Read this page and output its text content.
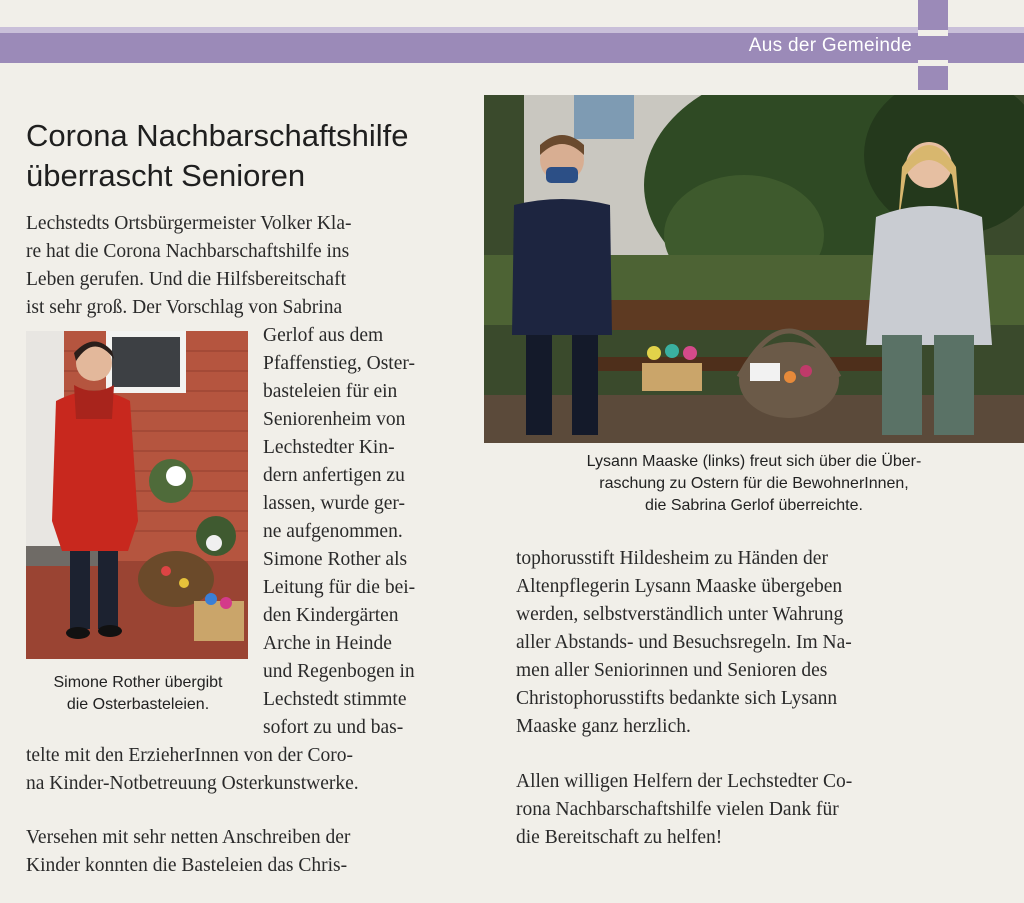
Aus der Gemeinde
Corona Nachbarschaftshilfe überrascht Senioren
Lechstedts Ortsbürgermeister Volker Kla-
re hat die Corona Nachbarschaftshilfe ins
Leben gerufen. Und die Hilfsbereitschaft
ist sehr groß. Der Vorschlag von Sabrina
Gerlof aus dem
Pfaffenstieg, Oster-
basteleien für ein
Seniorenheim von
Lechstedter Kin-
dern anfertigen zu
lassen, wurde ger-
ne aufgenommen.
Simone Rother als
Leitung für die bei-
den Kindergärten
Arche in Heinde
und Regenbogen in
Lechstedt stimmte
sofort zu und bas-
Simone Rother übergibt
die Osterbasteleien.
telte mit den ErzieherInnen von der Coro-
na Kinder-Notbetreuung Osterkunstwerke.
Versehen mit sehr netten Anschreiben der
Kinder konnten die Basteleien das Chris-
Lysann Maaske (links) freut sich über die Über-
raschung zu Ostern für die BewohnerInnen,
die Sabrina Gerlof überreichte.
tophorusstift Hildesheim zu Händen der
Altenpflegerin Lysann Maaske übergeben
werden, selbstverständlich unter Wahrung
aller Abstands- und Besuchsregeln. Im Na-
men aller Seniorinnen und Senioren des
Christophorusstifts bedankte sich Lysann
Maaske ganz herzlich.
Allen willigen Helfern der Lechstedter Co-
rona Nachbarschaftshilfe vielen Dank für
die Bereitschaft zu helfen!
